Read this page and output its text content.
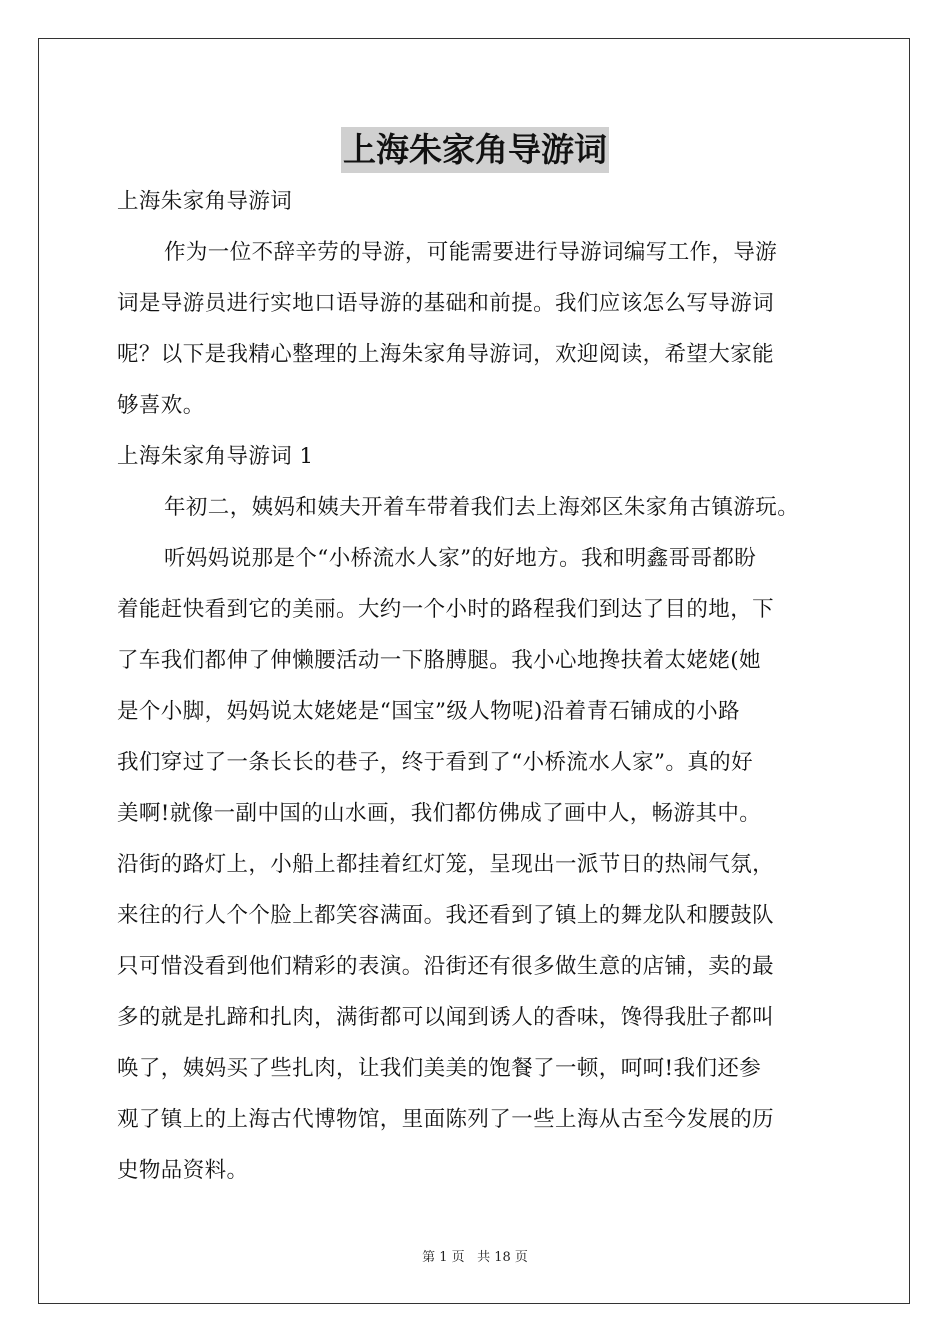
上海朱家角导游词
上海朱家角导游词
作为一位不辞辛劳的导游，可能需要进行导游词编写工作，导游
词是导游员进行实地口语导游的基础和前提。我们应该怎么写导游词
呢？以下是我精心整理的上海朱家角导游词，欢迎阅读，希望大家能
够喜欢。
上海朱家角导游词 1
年初二，姨妈和姨夫开着车带着我们去上海郊区朱家角古镇游玩。
听妈妈说那是个“小桥流水人家”的好地方。我和明鑫哥哥都盼
着能赶快看到它的美丽。大约一个小时的路程我们到达了目的地，下
了车我们都伸了伸懒腰活动一下胳膊腿。我小心地搀扶着太姥姥(她
是个小脚，妈妈说太姥姥是“国宝”级人物呢)沿着青石铺成的小路
我们穿过了一条长长的巷子，终于看到了“小桥流水人家”。真的好
美啊!就像一副中国的山水画，我们都仿佛成了画中人，畅游其中。
沿街的路灯上，小船上都挂着红灯笼，呈现出一派节日的热闹气氛，
来往的行人个个脸上都笑容满面。我还看到了镇上的舞龙队和腰鼓队
只可惜没看到他们精彩的表演。沿街还有很多做生意的店铺，卖的最
多的就是扎蹄和扎肉，满街都可以闻到诱人的香味，馋得我肚子都叫
唤了，姨妈买了些扎肉，让我们美美的饱餐了一顿，呵呵!我们还参
观了镇上的上海古代博物馆，里面陈列了一些上海从古至今发展的历
史物品资料。
第 1 页 共 18 页
